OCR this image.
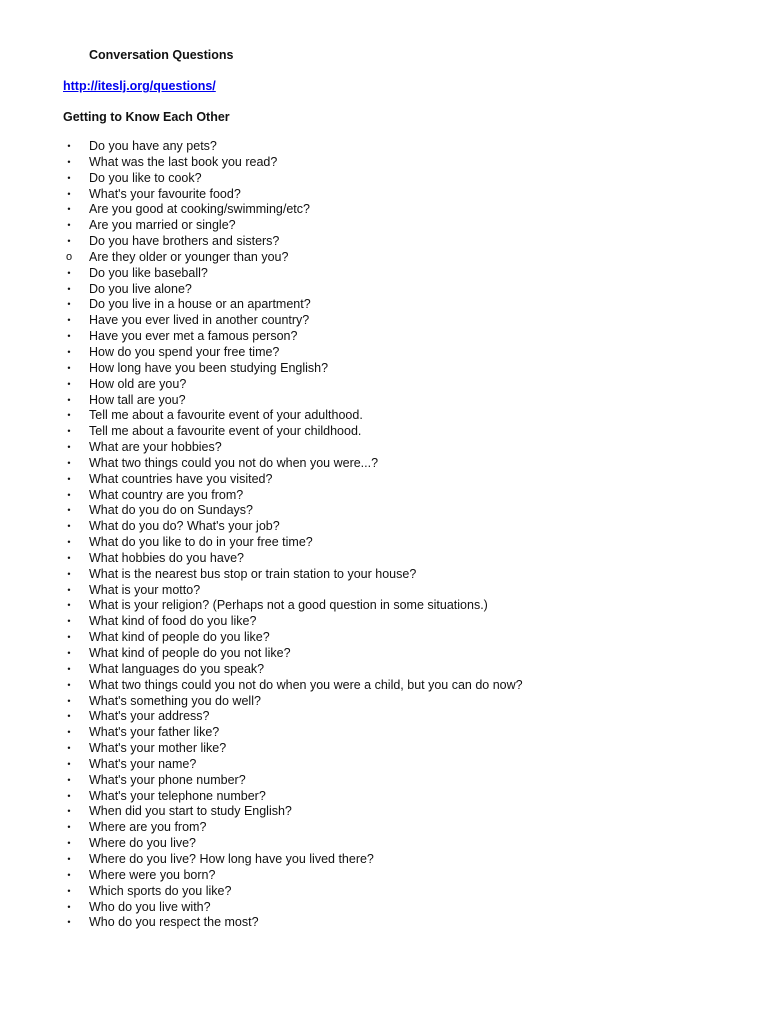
Conversation Questions
http://iteslj.org/questions/
Getting to Know Each Other
• Do you have any pets?
• What was the last book you read?
• Do you like to cook?
• What's your favourite food?
• Are you good at cooking/swimming/etc?
• Are you married or single?
• Do you have brothers and sisters?
o Are they older or younger than you?
• Do you like baseball?
• Do you live alone?
• Do you live in a house or an apartment?
• Have you ever lived in another country?
• Have you ever met a famous person?
• How do you spend your free time?
• How long have you been studying English?
• How old are you?
• How tall are you?
• Tell me about a favourite event of your adulthood.
• Tell me about a favourite event of your childhood.
• What are your hobbies?
• What two things could you not do when you were...?
• What countries have you visited?
• What country are you from?
• What do you do on Sundays?
• What do you do? What's your job?
• What do you like to do in your free time?
• What hobbies do you have?
• What is the nearest bus stop or train station to your house?
• What is your motto?
• What is your religion? (Perhaps not a good question in some situations.)
• What kind of food do you like?
• What kind of people do you like?
• What kind of people do you not like?
• What languages do you speak?
• What two things could you not do when you were a child, but you can do now?
• What's something you do well?
• What's your address?
• What's your father like?
• What's your mother like?
• What's your name?
• What's your phone number?
• What's your telephone number?
• When did you start to study English?
• Where are you from?
• Where do you live?
• Where do you live? How long have you lived there?
• Where were you born?
• Which sports do you like?
• Who do you live with?
• Who do you respect the most?
